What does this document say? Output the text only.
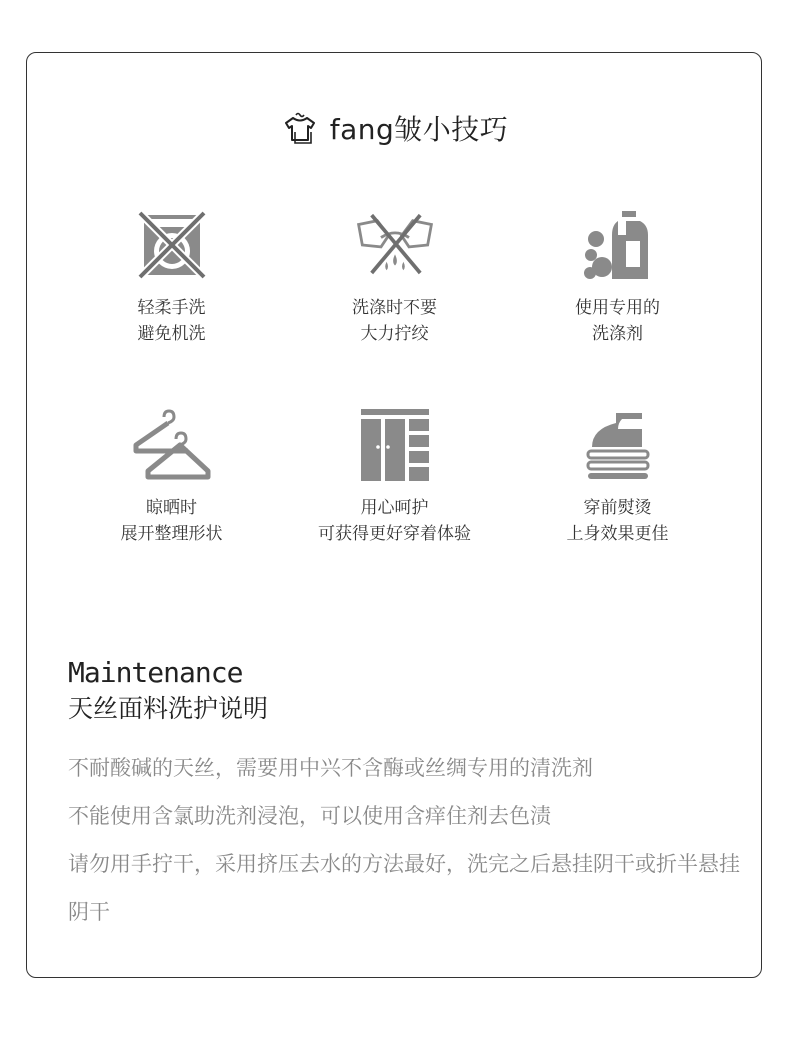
fang皱小技巧
轻柔手洗
避免机洗
洗涤时不要
大力拧绞
使用专用的
洗涤剂
晾晒时
展开整理形状
用心呵护
可获得更好穿着体验
穿前熨烫
上身效果更佳
Maintenance
天丝面料洗护说明

不耐酸碱的天丝，需要用中兴不含酶或丝绸专用的清洗剂

不能使用含氯助洗剂浸泡，可以使用含痒住剂去色渍

请勿用手拧干，采用挤压去水的方法最好，洗完之后悬挂阴干或折半悬挂阴干
